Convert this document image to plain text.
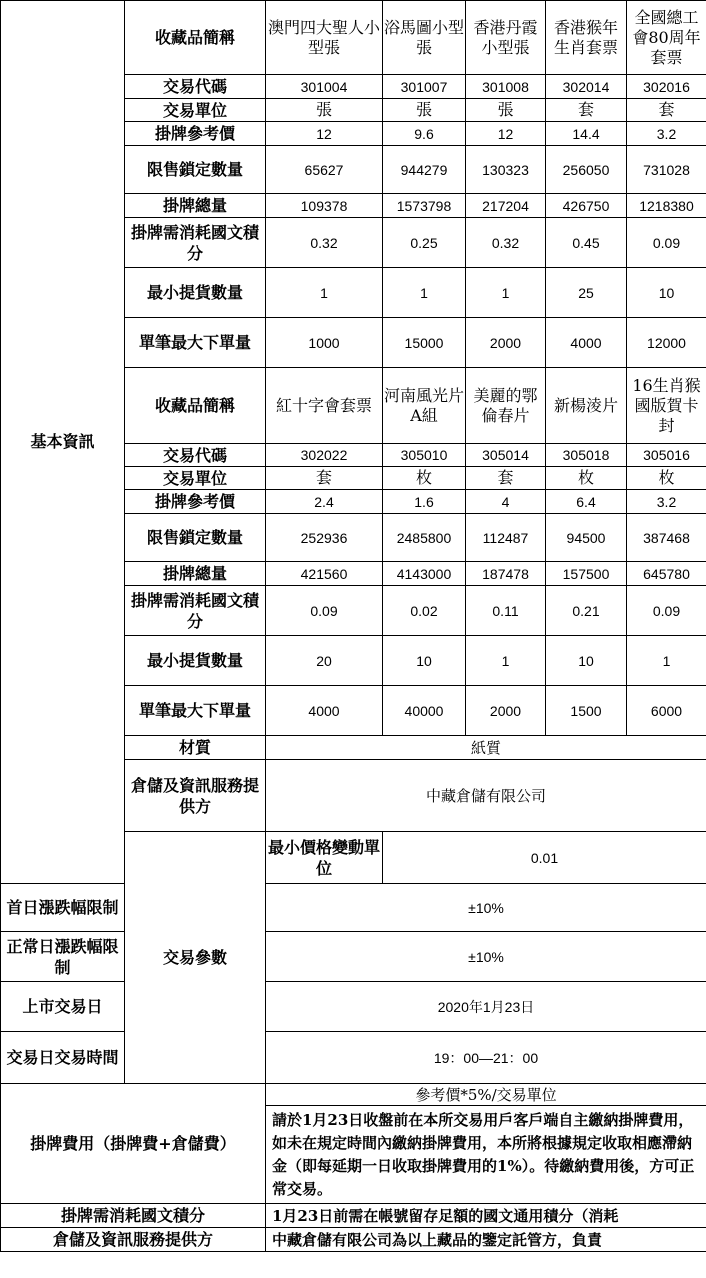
基本資訊	收藏品簡稱	澳門四大聖人小型張	浴馬圖小型張	香港丹霞小型張	香港猴年生肖套票	全國總工會80周年套票
	交易代碼	301004	301007	301008	302014	302016
	交易單位	張	張	張	套	套
	掛牌參考價	12	9.6	12	14.4	3.2
	限售鎖定數量	65627	944279	130323	256050	731028
	掛牌總量	109378	1573798	217204	426750	1218380
	掛牌需消耗國文積分	0.32	0.25	0.32	0.45	0.09
	最小提貨數量	1	1	1	25	10
	單筆最大下單量	1000	15000	2000	4000	12000
	收藏品簡稱	紅十字會套票	河南風光片A組	美麗的鄂倫春片	新楊淩片	16生肖猴國版賀卡封
	交易代碼	302022	305010	305014	305018	305016
	交易單位	套	枚	套	枚	枚
	掛牌參考價	2.4	1.6	4	6.4	3.2
	限售鎖定數量	252936	2485800	112487	94500	387468
	掛牌總量	421560	4143000	187478	157500	645780
	掛牌需消耗國文積分	0.09	0.02	0.11	0.21	0.09
	最小提貨數量	20	10	1	10	1
	單筆最大下單量	4000	40000	2000	1500	6000
	材質	紙質				
	倉儲及資訊服務提供方	中藏倉儲有限公司				
	交易參數	最小價格變動單位	0.01			
首日漲跌幅限制		±10%				
正常日漲跌幅限制		±10%				
上市交易日		2020年1月23日				
交易日交易時間		19：00—21：00				
掛牌費用（掛牌費+倉儲費）		參考價*5%/交易單位				
		請於1月23日收盤前在本所交易用戶客戶端自主繳納掛牌費用，如未在規定時間內繳納掛牌費用，本所將根據規定收取相應滯納金（即每延期一日收取掛牌費用的1%）。待繳納費用後，方可正常交易。				
掛牌需消耗國文積分		1月23日前需在帳號留存足額的國文通用積分（消耗				
倉儲及資訊服務提供方		中藏倉儲有限公司為以上藏品的鑒定託管方，負責				
